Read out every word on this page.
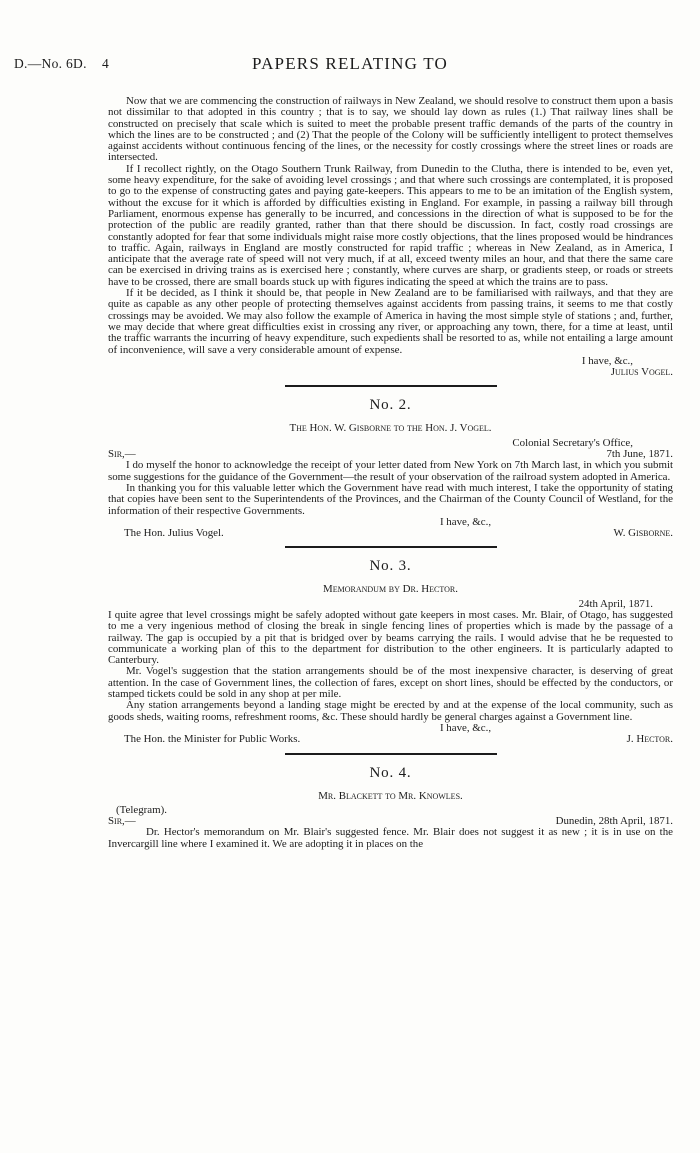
D.—No. 6D. 4	PAPERS RELATING TO

Now that we are commencing the construction of railways in New Zealand, we should resolve to construct them upon a basis not dissimilar to that adopted in this country ; that is to say, we should lay down as rules (1.) That railway lines shall be constructed on precisely that scale which is suited to meet the probable present traffic demands of the parts of the country in which the lines are to be constructed ; and (2) That the people of the Colony will be sufficiently intelligent to protect themselves against accidents without continuous fencing of the lines, or the necessity for costly crossings where the street lines or roads are intersected.

If I recollect rightly, on the Otago Southern Trunk Railway, from Dunedin to the Clutha, there is intended to be, even yet, some heavy expenditure, for the sake of avoiding level crossings ; and that where such crossings are contemplated, it is proposed to go to the expense of constructing gates and paying gate-keepers. This appears to me to be an imitation of the English system, without the excuse for it which is afforded by difficulties existing in England. For example, in passing a railway bill through Parliament, enormous expense has generally to be incurred, and concessions in the direction of what is supposed to be for the protection of the public are readily granted, rather than that there should be discussion. In fact, costly road crossings are constantly adopted for fear that some individuals might raise more costly objections, that the lines proposed would be hindrances to traffic. Again, railways in England are mostly constructed for rapid traffic ; whereas in New Zealand, as in America, I anticipate that the average rate of speed will not very much, if at all, exceed twenty miles an hour, and that there the same care can be exercised in driving trains as is exercised here ; constantly, where curves are sharp, or gradients steep, or roads or streets have to be crossed, there are small boards stuck up with figures indicating the speed at which the trains are to pass.

If it be decided, as I think it should be, that people in New Zealand are to be familiarised with railways, and that they are quite as capable as any other people of protecting themselves against accidents from passing trains, it seems to me that costly crossings may be avoided. We may also follow the example of America in having the most simple style of stations ; and, further, we may decide that where great difficulties exist in crossing any river, or approaching any town, there, for a time at least, until the traffic warrants the incurring of heavy expenditure, such expedients shall be resorted to as, while not entailing a large amount of inconvenience, will save a very considerable amount of expense.

I have, &c.,
Julius Vogel.
No. 2.
The Hon. W. Gisborne to the Hon. J. Vogel.
Colonial Secretary's Office,
Sir,—	7th June, 1871.

I do myself the honor to acknowledge the receipt of your letter dated from New York on 7th March last, in which you submit some suggestions for the guidance of the Government—the result of your observation of the railroad system adopted in America.

In thanking you for this valuable letter which the Government have read with much interest, I take the opportunity of stating that copies have been sent to the Superintendents of the Provinces, and the Chairman of the County Council of Westland, for the information of their respective Governments.

I have, &c.,
The Hon. Julius Vogel.	W. Gisborne.
No. 3.
Memorandum by Dr. Hector.
24th April, 1871.

I quite agree that level crossings might be safely adopted without gate keepers in most cases. Mr. Blair, of Otago, has suggested to me a very ingenious method of closing the break in single fencing lines of properties which is made by the passage of a railway. The gap is occupied by a pit that is bridged over by beams carrying the rails. I would advise that he be requested to communicate a working plan of this to the department for distribution to the other engineers. It is particularly adapted to Canterbury.

Mr. Vogel's suggestion that the station arrangements should be of the most inexpensive character, is deserving of great attention. In the case of Government lines, the collection of fares, except on short lines, should be effected by the conductors, or stamped tickets could be sold in any shop at per mile.

Any station arrangements beyond a landing stage might be erected by and at the expense of the local community, such as goods sheds, waiting rooms, refreshment rooms, &c. These should hardly be general charges against a Government line.

I have, &c.,
The Hon. the Minister for Public Works.	J. Hector.
No. 4.
Mr. Blackett to Mr. Knowles.
(Telegram).
Sir,—	Dunedin, 28th April, 1871.

Dr. Hector's memorandum on Mr. Blair's suggested fence. Mr. Blair does not suggest it as new ; it is in use on the Invercargill line where I examined it. We are adopting it in places on the
